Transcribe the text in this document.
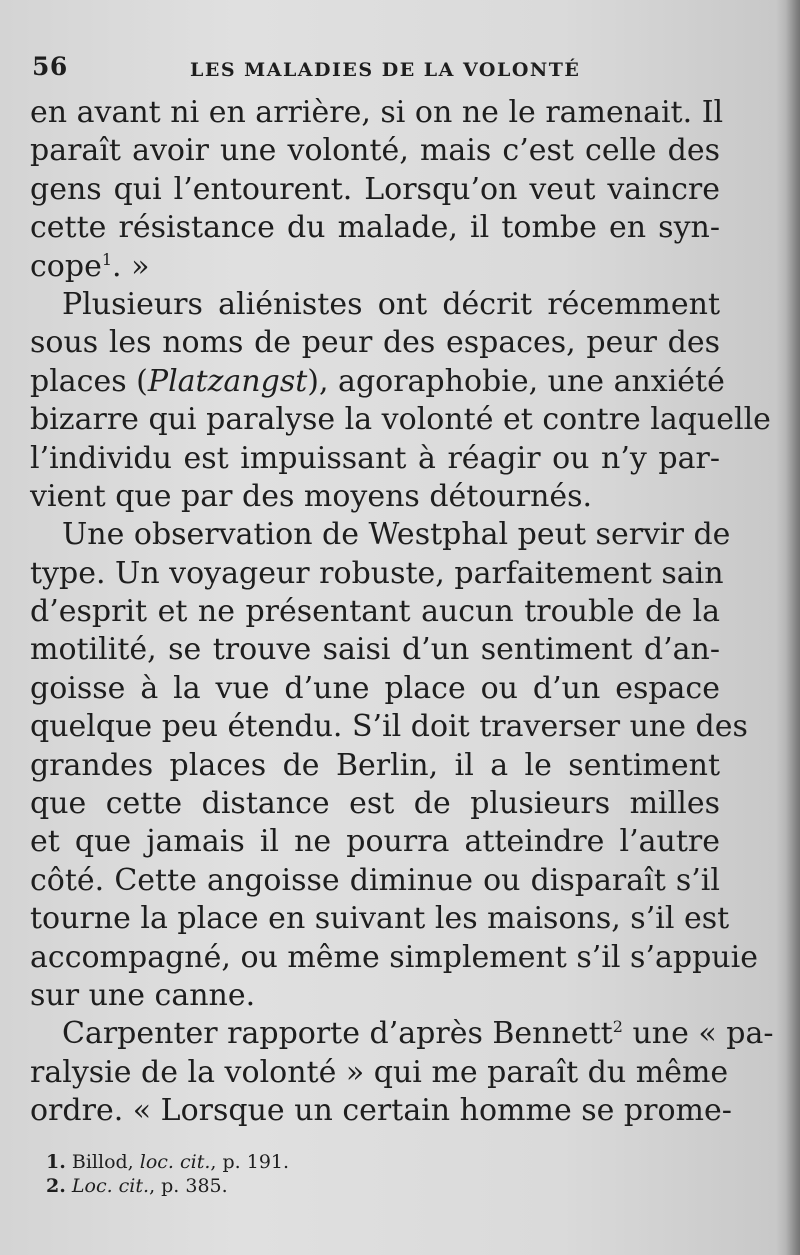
56	LES MALADIES DE LA VOLONTÉ
en avant ni en arrière, si on ne le ramenait. Il
paraît avoir une volonté, mais c’est celle des
gens qui l’entourent. Lorsqu’on veut vaincre
cette résistance du malade, il tombe en syn-
cope$^1$. »
Plusieurs aliénistes ont décrit récemment
sous les noms de peur des espaces, peur des
places (Platzangst), agoraphobie, une anxiété
bizarre qui paralyse la volonté et contre laquelle
l’individu est impuissant à réagir ou n’y par-
vient que par des moyens détournés.
Une observation de Westphal peut servir de
type. Un voyageur robuste, parfaitement sain
d’esprit et ne présentant aucun trouble de la
motilité, se trouve saisi d’un sentiment d’an-
goisse à la vue d’une place ou d’un espace
quelque peu étendu. S’il doit traverser une des
grandes places de Berlin, il a le sentiment
que cette distance est de plusieurs milles
et que jamais il ne pourra atteindre l’autre
côté. Cette angoisse diminue ou disparaît s’il
tourne la place en suivant les maisons, s’il est
accompagné, ou même simplement s’il s’appuie
sur une canne.
Carpenter rapporte d’après Bennett$^2$ une « pa-
ralysie de la volonté » qui me paraît du même
ordre. « Lorsque un certain homme se prome-
1. Billod, loc. cit., p. 191.
2. Loc. cit., p. 385.
